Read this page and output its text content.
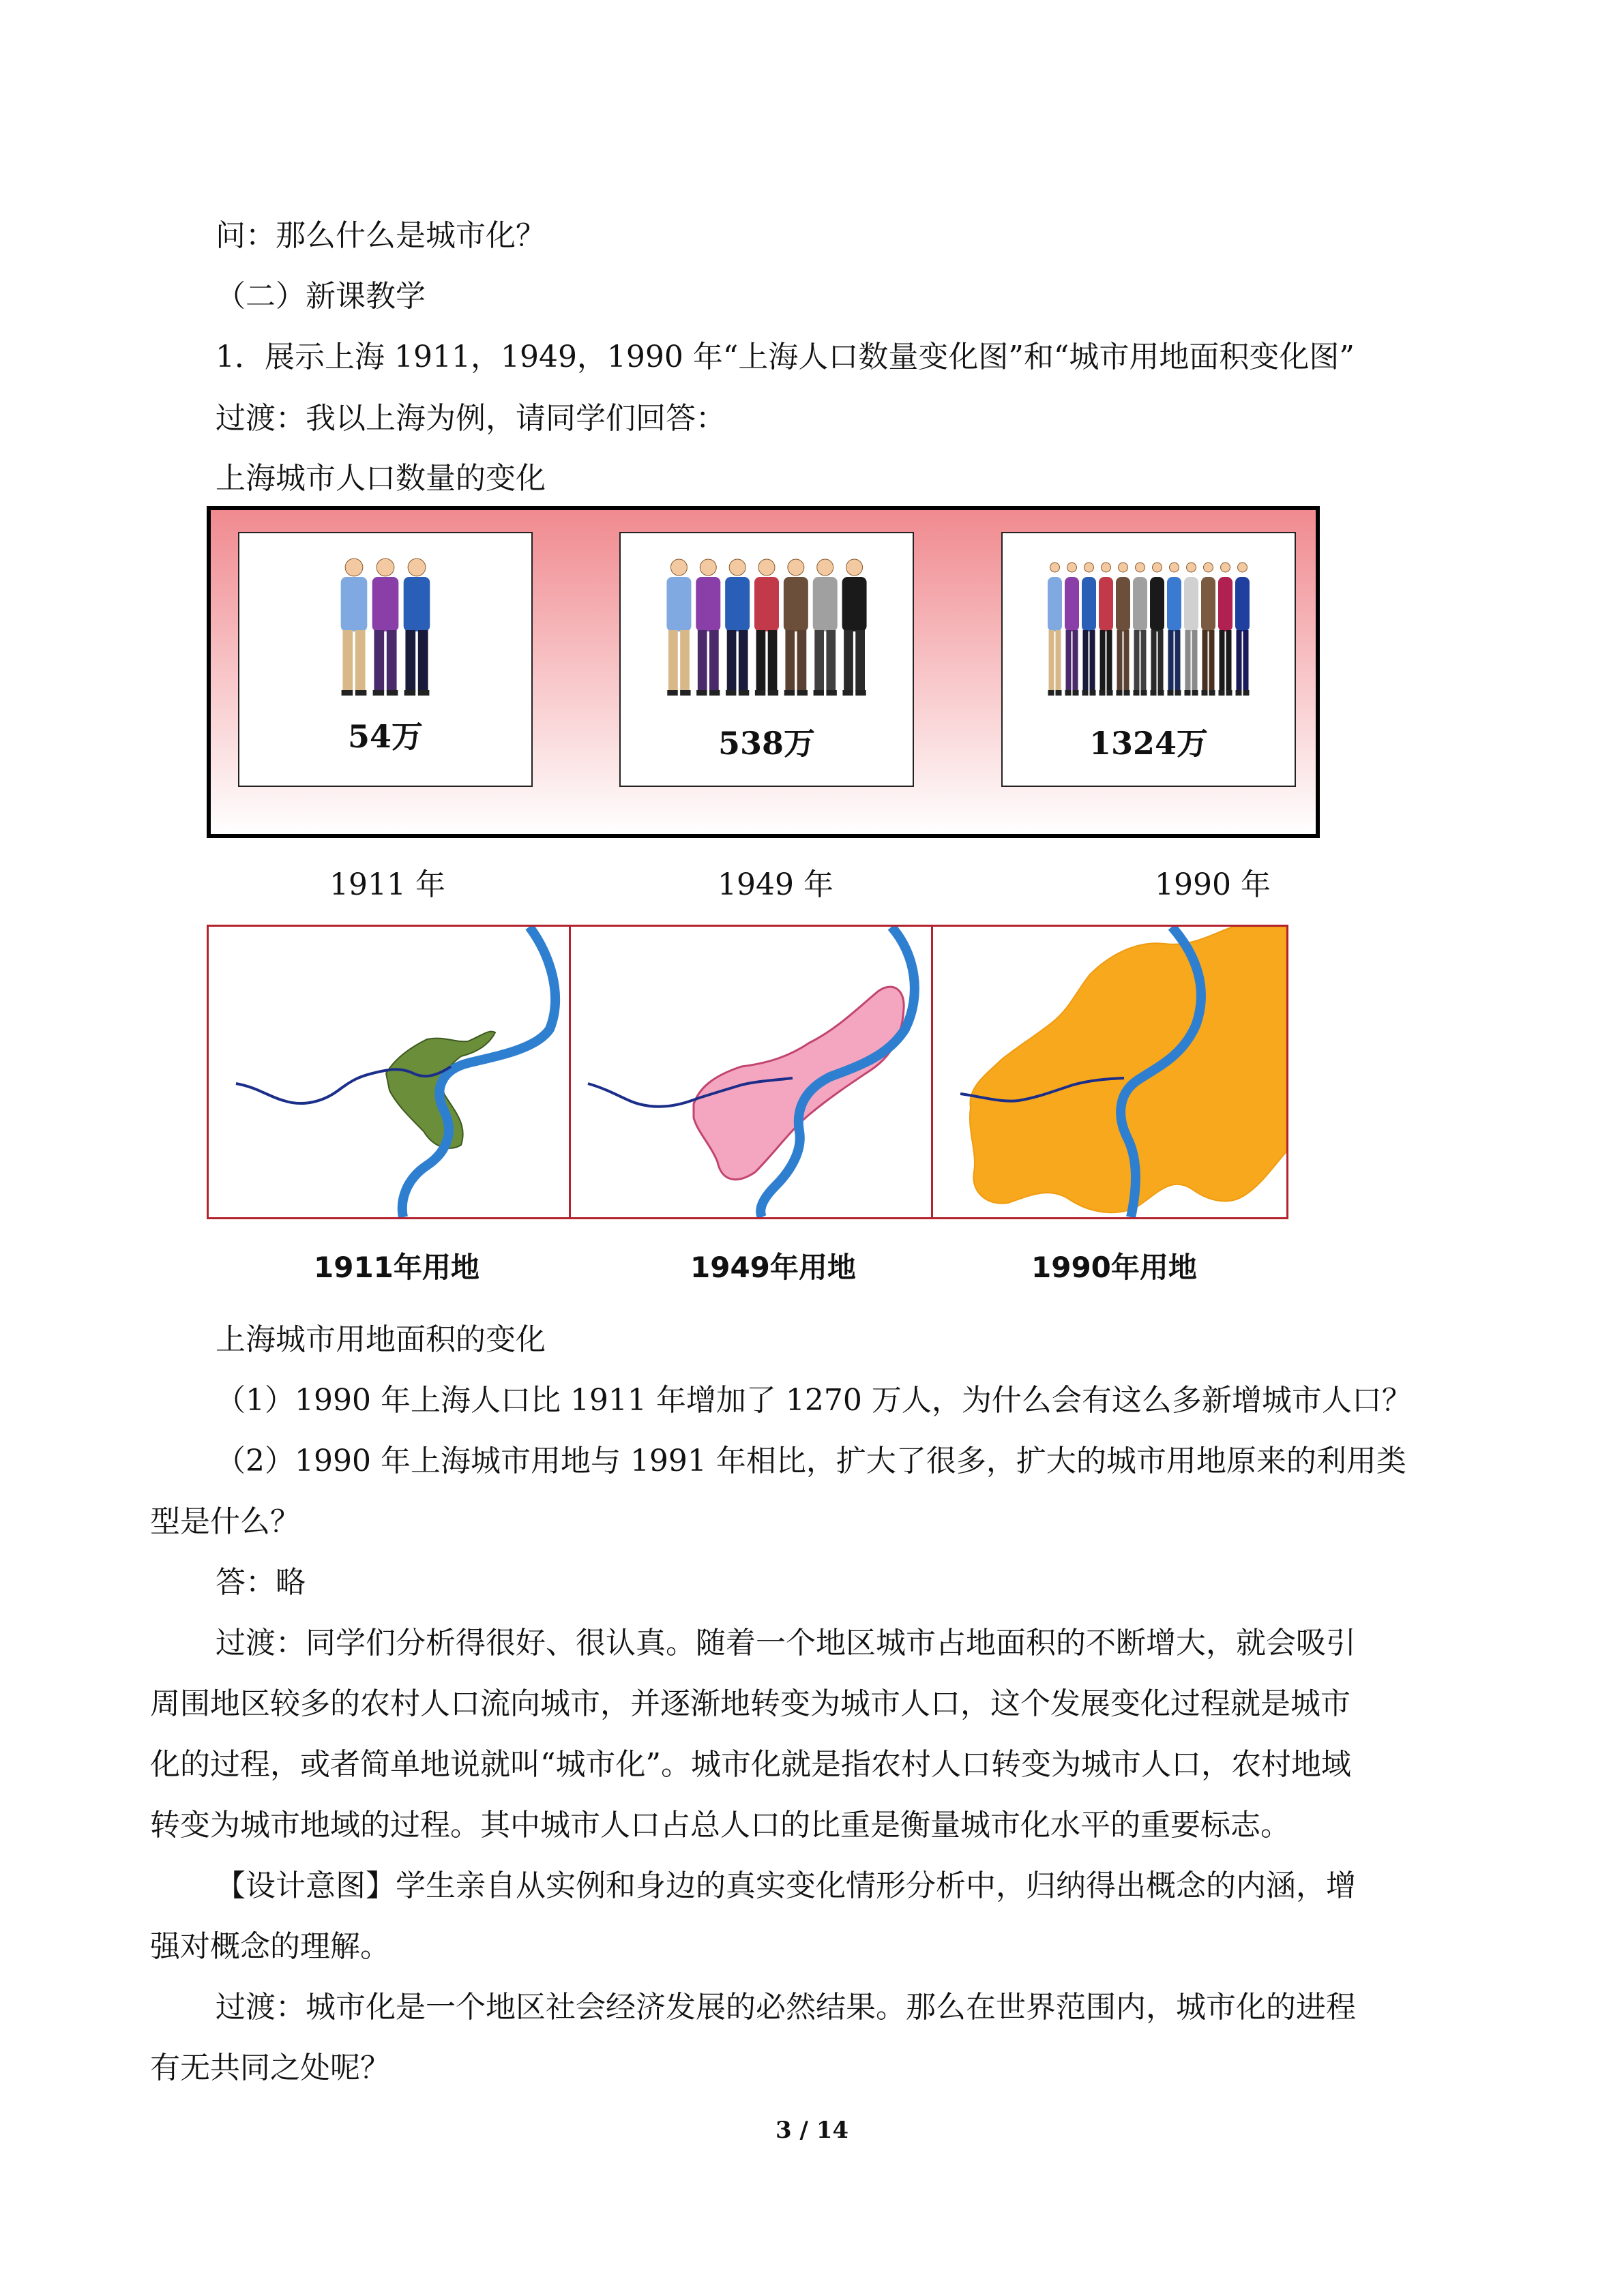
问：那么什么是城市化？
（二）新课教学
1．展示上海 1911，1949，1990 年“上海人口数量变化图”和“城市用地面积变化图”
过渡：我以上海为例，请同学们回答：
上海城市人口数量的变化
54万	538万	1324万
1911 年	1949 年	1990 年
1911年用地	1949年用地	1990年用地
上海城市用地面积的变化
（1）1990 年上海人口比 1911 年增加了 1270 万人，为什么会有这么多新增城市人口？
（2）1990 年上海城市用地与 1991 年相比，扩大了很多，扩大的城市用地原来的利用类
型是什么？
答：略
过渡：同学们分析得很好、很认真。随着一个地区城市占地面积的不断增大，就会吸引
周围地区较多的农村人口流向城市，并逐渐地转变为城市人口，这个发展变化过程就是城市
化的过程，或者简单地说就叫“城市化”。城市化就是指农村人口转变为城市人口，农村地域
转变为城市地域的过程。其中城市人口占总人口的比重是衡量城市化水平的重要标志。
【设计意图】学生亲自从实例和身边的真实变化情形分析中，归纳得出概念的内涵，增
强对概念的理解。
过渡：城市化是一个地区社会经济发展的必然结果。那么在世界范围内，城市化的进程
有无共同之处呢？
3 / 14
